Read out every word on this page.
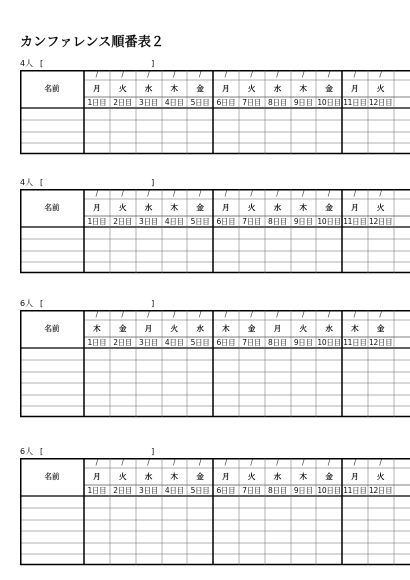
カンファレンス順番表２
4人 [	]
名前	/	/	/	/	/	/	/	/	/	/	/	/
	月	火	水	木	金	月	火	水	木	金	月	火
	1日目	2日目	3日目	4日目	5日目	6日目	7日目	8日目	9日目	10日目	11日目	12日目

4人 [	]
名前	/	/	/	/	/	/	/	/	/	/	/	/
	月	火	水	木	金	月	火	水	木	金	月	火
	1日目	2日目	3日目	4日目	5日目	6日目	7日目	8日目	9日目	10日目	11日目	12日目

6人 [	]
名前	/	/	/	/	/	/	/	/	/	/	/	/
	木	金	月	火	水	木	金	月	火	水	木	金
	1日目	2日目	3日目	4日目	5日目	6日目	7日目	8日目	9日目	10日目	11日目	12日目

6人 [	]
名前	/	/	/	/	/	/	/	/	/	/	/	/
	月	火	水	木	金	月	火	水	木	金	月	火
	1日目	2日目	3日目	4日目	5日目	6日目	7日目	8日目	9日目	10日目	11日目	12日目
